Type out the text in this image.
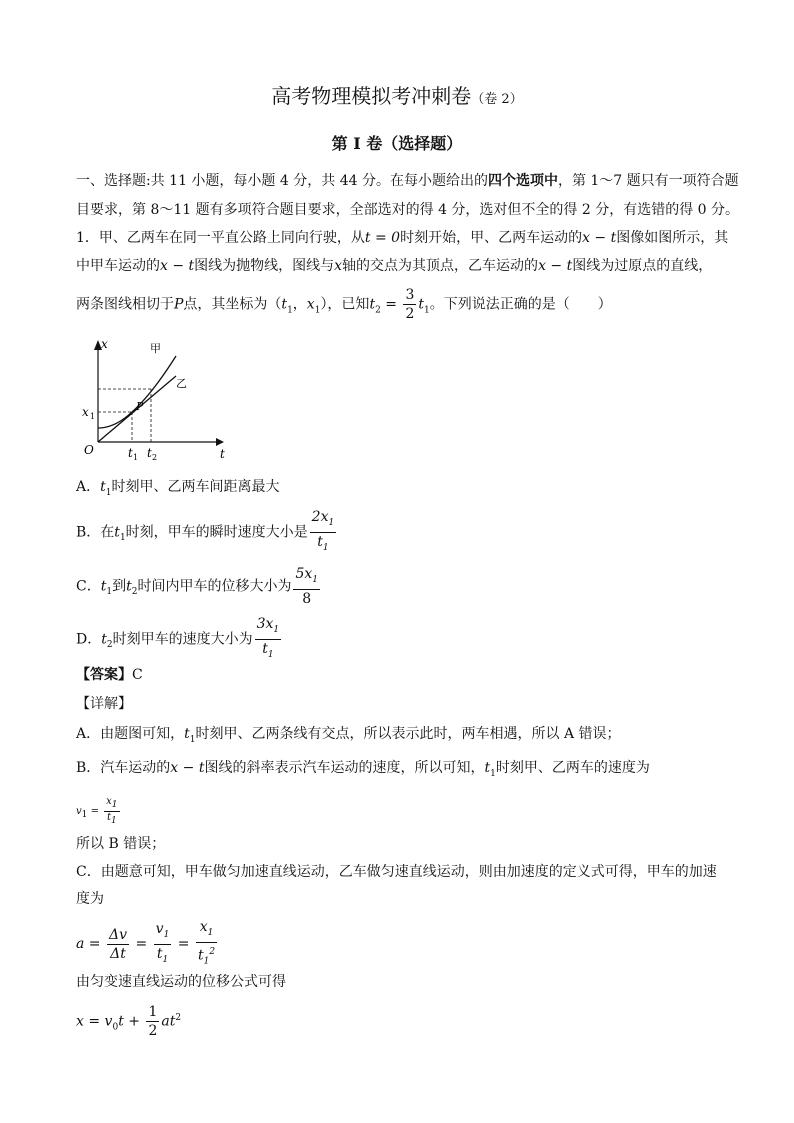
高考物理模拟考冲刺卷（卷 2）
第 I 卷（选择题）
一、选择题:共 11 小题，每小题 4 分，共 44 分。在每小题给出的四个选项中，第 1～7 题只有一项符合题
目要求，第 8～11 题有多项符合题目要求，全部选对的得 4 分，选对但不全的得 2 分，有选错的得 0 分。
1．甲、乙两车在同一平直公路上同向行驶，从t = 0时刻开始，甲、乙两车运动的x − t图像如图所示，其
中甲车运动的x − t图线为抛物线，图线与x轴的交点为其顶点，乙车运动的x − t图线为过原点的直线，
两条图线相切于P点，其坐标为（$t_1$，$x_1$），已知$t_2 = \frac{3}{2} t_1$。下列说法正确的是（　　）
x
t
O
x 1
t 1 t 2
P
甲
乙
A．$t_1$时刻甲、乙两车间距离最大
B．在$t_1$时刻，甲车的瞬时速度大小是 $\frac{2x_1}{t_1}$
C．$t_1$到$t_2$时间内甲车的位移大小为 $\frac{5x_1}{8}$
D．$t_2$时刻甲车的速度大小为 $\frac{3x_1}{t_1}$
【答案】C
【详解】
A．由题图可知，$t_1$时刻甲、乙两条线有交点，所以表示此时，两车相遇，所以 A 错误；
B．汽车运动的x − t图线的斜率表示汽车运动的速度，所以可知，$t_1$时刻甲、乙两车的速度为
$v_1 = \frac{x_1}{t_1}$
所以 B 错误；
C．由题意可知，甲车做匀加速直线运动，乙车做匀速直线运动，则由加速度的定义式可得，甲车的加速
度为
$a = \frac{\Delta v}{\Delta t} = \frac{v_1}{t_1} = \frac{x_1}{t_1^2}$
由匀变速直线运动的位移公式可得
$x = v_0t + \frac{1}{2} at^2$
